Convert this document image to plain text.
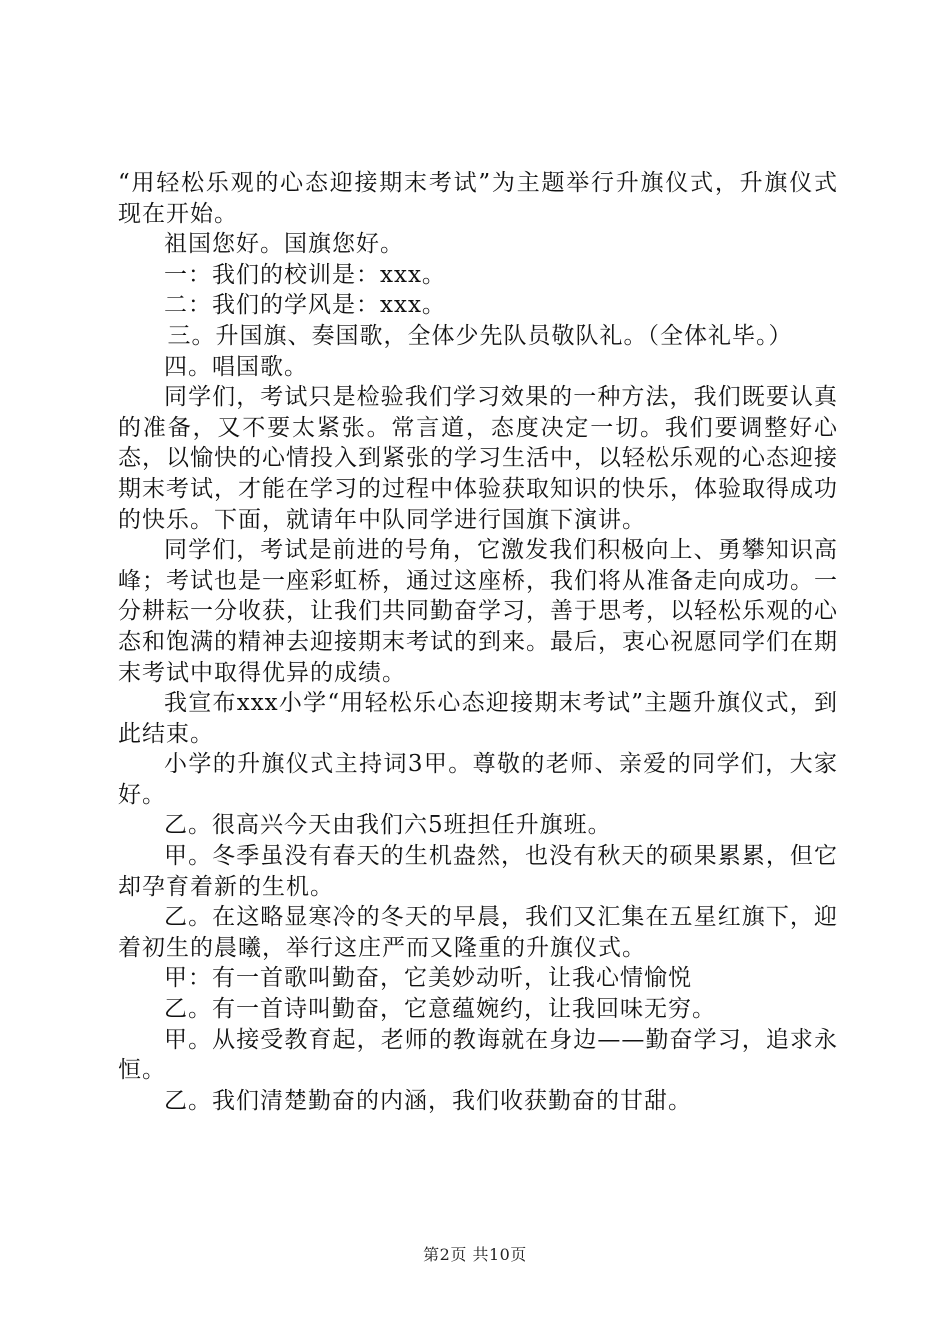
“用轻松乐观的心态迎接期末考试”为主题举行升旗仪式，升旗仪式现在开始。

祖国您好。国旗您好。

一：我们的校训是：xxx。

二：我们的学风是：xxx。

三。升国旗、奏国歌，全体少先队员敬队礼。（全体礼毕。）

四。唱国歌。

同学们，考试只是检验我们学习效果的一种方法，我们既要认真的准备，又不要太紧张。常言道，态度决定一切。我们要调整好心态，以愉快的心情投入到紧张的学习生活中，以轻松乐观的心态迎接期末考试，才能在学习的过程中体验获取知识的快乐，体验取得成功的快乐。下面，就请年中队同学进行国旗下演讲。

同学们，考试是前进的号角，它激发我们积极向上、勇攀知识高峰；考试也是一座彩虹桥，通过这座桥，我们将从准备走向成功。一分耕耘一分收获，让我们共同勤奋学习，善于思考，以轻松乐观的心态和饱满的精神去迎接期末考试的到来。最后，衷心祝愿同学们在期末考试中取得优异的成绩。

我宣布xxx小学“用轻松乐心态迎接期末考试”主题升旗仪式，到此结束。

小学的升旗仪式主持词3甲。尊敬的老师、亲爱的同学们，大家好。

乙。很高兴今天由我们六5班担任升旗班。

甲。冬季虽没有春天的生机盎然，也没有秋天的硕果累累，但它却孕育着新的生机。

乙。在这略显寒冷的冬天的早晨，我们又汇集在五星红旗下，迎着初生的晨曦，举行这庄严而又隆重的升旗仪式。

甲：有一首歌叫勤奋，它美妙动听，让我心情愉悦

乙。有一首诗叫勤奋，它意蕴婉约，让我回味无穷。

甲。从接受教育起，老师的教诲就在身边——勤奋学习，追求永恒。

乙。我们清楚勤奋的内涵，我们收获勤奋的甘甜。

第2页 共10页
